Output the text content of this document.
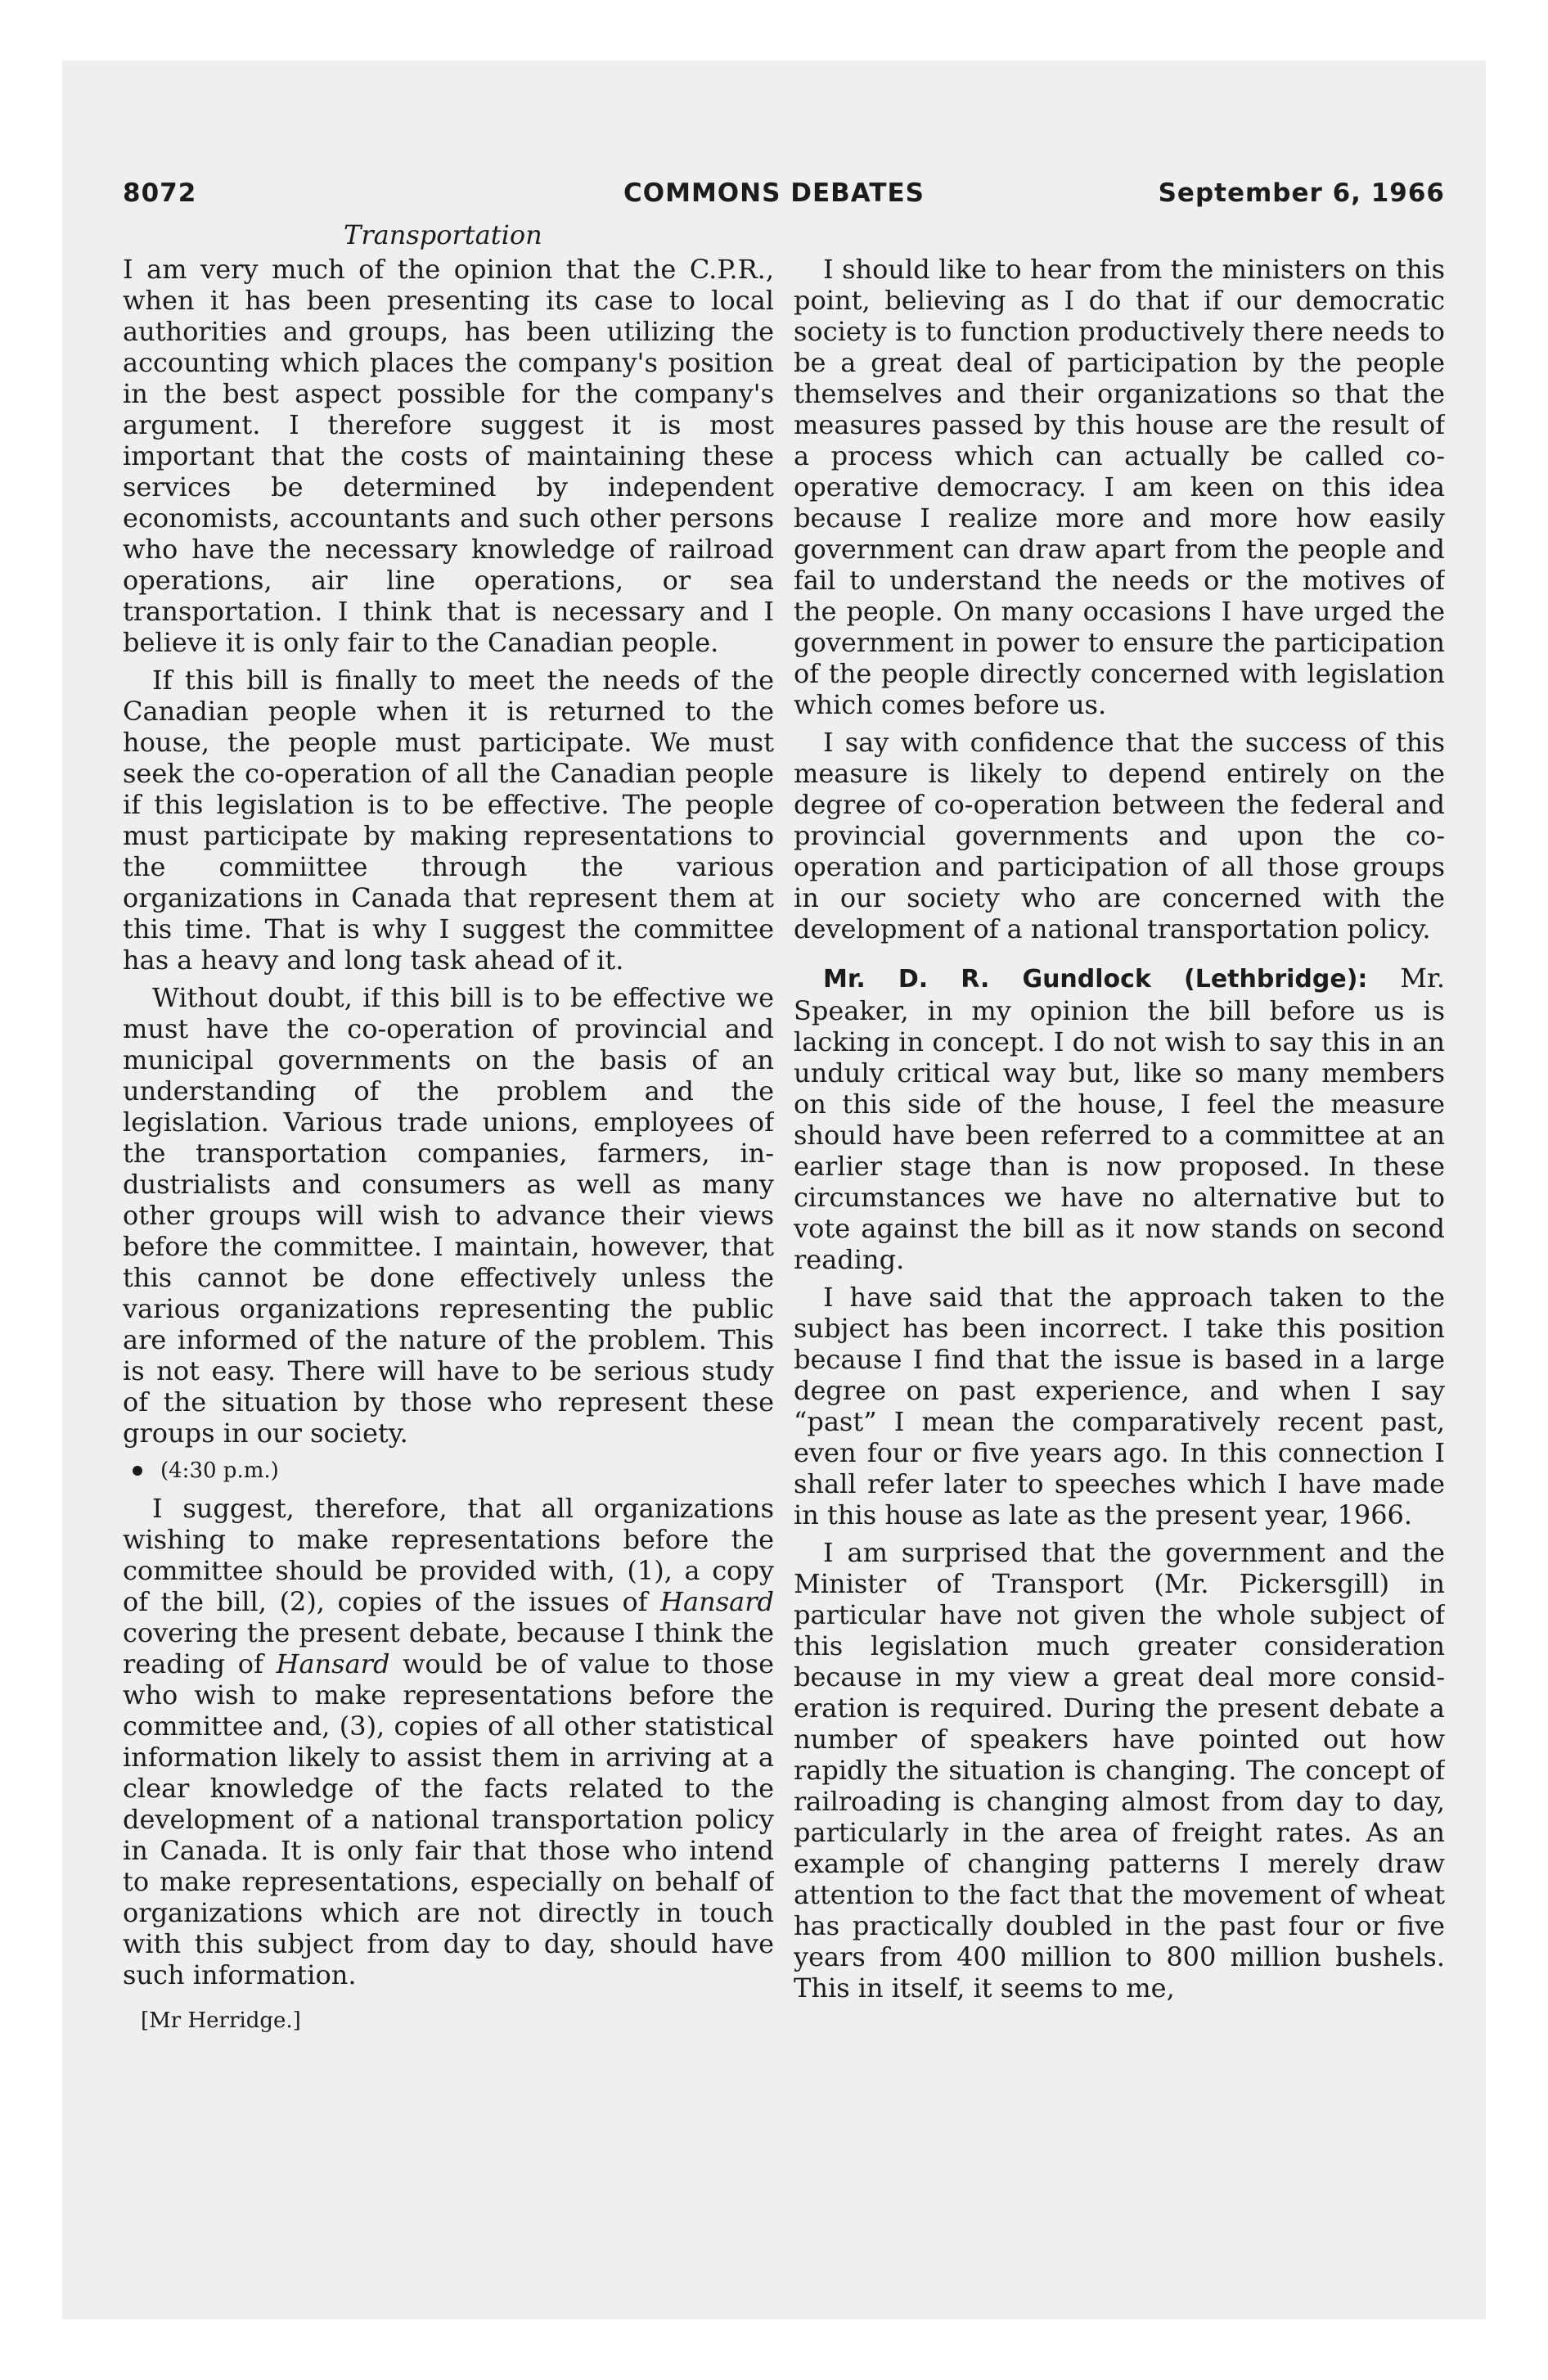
8072	COMMONS DEBATES	September 6, 1966
Transportation

I am very much of the opinion that the C.P.R., when it has been presenting its case to local authorities and groups, has been utilizing the accounting which places the company's position in the best aspect possible for the company's argument. I therefore suggest it is most important that the costs of maintaining these services be determined by independent economists, accountants and such other persons who have the necessary knowledge of railroad operations, air line operations, or sea transportation. I think that is necessary and I believe it is only fair to the Canadian people.

If this bill is finally to meet the needs of the Canadian people when it is returned to the house, the people must participate. We must seek the co-operation of all the Canadian people if this legislation is to be effective. The people must participate by making representations to the commiittee through the various organizations in Canada that represent them at this time. That is why I suggest the committee has a heavy and long task ahead of it.

Without doubt, if this bill is to be effective we must have the co-operation of provincial and municipal governments on the basis of an understanding of the problem and the legislation. Various trade unions, employees of the transportation companies, farmers, industrialists and consumers as well as many other groups will wish to advance their views before the committee. I maintain, however, that this cannot be done effectively unless the various organizations representing the public are informed of the nature of the problem. This is not easy. There will have to be serious study of the situation by those who represent these groups in our society.

(4:30 p.m.)

I suggest, therefore, that all organizations wishing to make representations before the committee should be provided with, (1), a copy of the bill, (2), copies of the issues of Hansard covering the present debate, because I think the reading of Hansard would be of value to those who wish to make representations before the committee and, (3), copies of all other statistical information likely to assist them in arriving at a clear knowledge of the facts related to the development of a national transportation policy in Canada. It is only fair that those who intend to make representations, especially on behalf of organizations which are not directly in touch with this subject from day to day, should have such information.

[Mr Herridge.]

I should like to hear from the ministers on this point, believing as I do that if our democratic society is to function productively there needs to be a great deal of participation by the people themselves and their organizations so that the measures passed by this house are the result of a process which can actually be called co-operative democracy. I am keen on this idea because I realize more and more how easily government can draw apart from the people and fail to understand the needs or the motives of the people. On many occasions I have urged the government in power to ensure the participation of the people directly concerned with legislation which comes before us.

I say with confidence that the success of this measure is likely to depend entirely on the degree of co-operation between the federal and provincial governments and upon the co-operation and participation of all those groups in our society who are concerned with the development of a national transportation policy.

Mr. D. R. Gundlock (Lethbridge): Mr. Speaker, in my opinion the bill before us is lacking in concept. I do not wish to say this in an unduly critical way but, like so many members on this side of the house, I feel the measure should have been referred to a committee at an earlier stage than is now proposed. In these circumstances we have no alternative but to vote against the bill as it now stands on second reading.

I have said that the approach taken to the subject has been incorrect. I take this position because I find that the issue is based in a large degree on past experience, and when I say “past” I mean the comparatively recent past, even four or five years ago. In this connection I shall refer later to speeches which I have made in this house as late as the present year, 1966.

I am surprised that the government and the Minister of Transport (Mr. Pickersgill) in particular have not given the whole subject of this legislation much greater consideration because in my view a great deal more consideration is required. During the present debate a number of speakers have pointed out how rapidly the situation is changing. The concept of railroading is changing almost from day to day, particularly in the area of freight rates. As an example of changing patterns I merely draw attention to the fact that the movement of wheat has practically doubled in the past four or five years from 400 million to 800 million bushels. This in itself, it seems to me,
